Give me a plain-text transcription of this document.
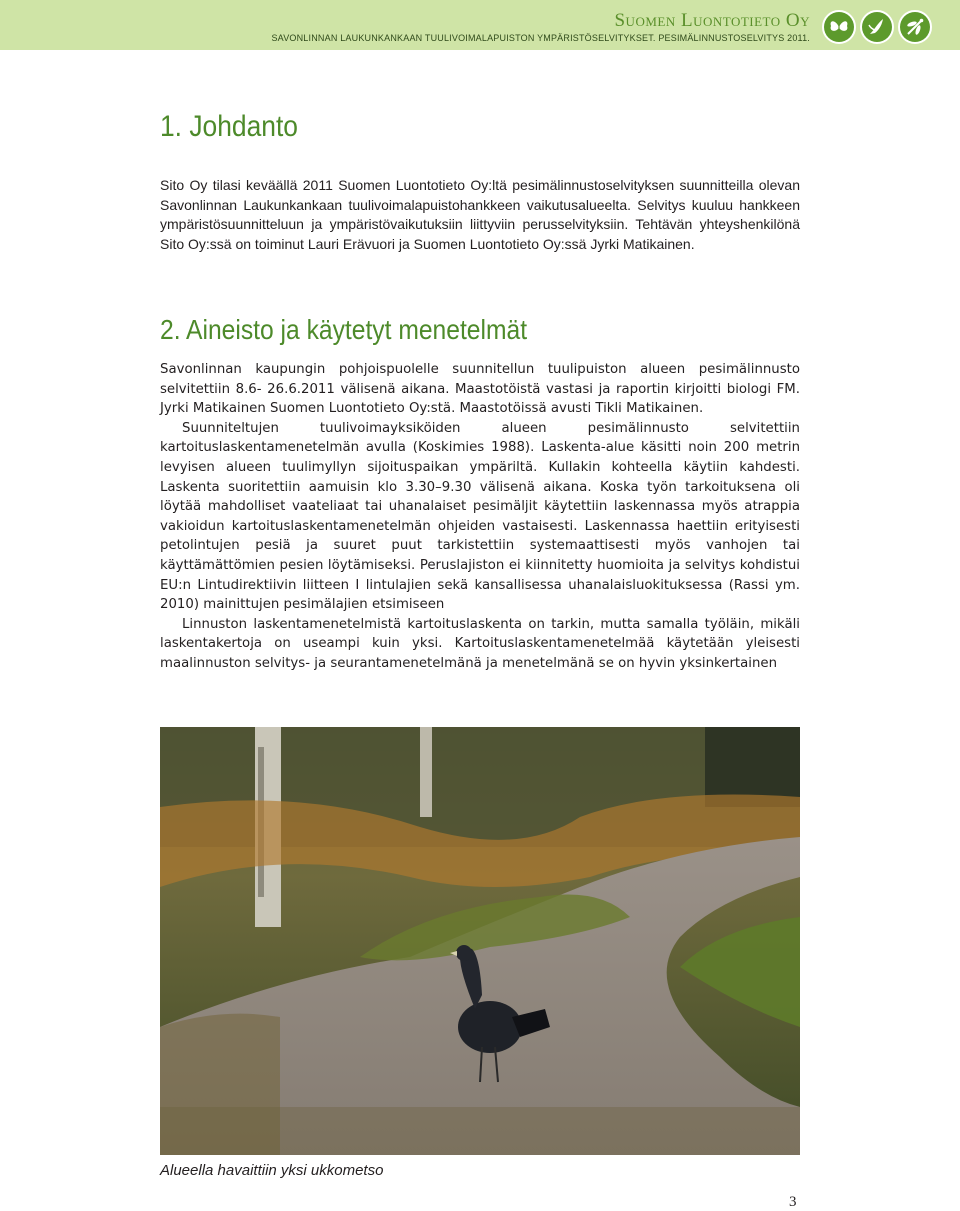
Suomen Luontotieto Oy
SAVONLINNAN LAUKUNKANKAAN TUULIVOIMALAPUISTON YMPÄRISTÖSELVITYKSET. PESIMÄLINNUSTOSELVITYS 2011.
1. Johdanto

Sito Oy tilasi keväällä 2011 Suomen Luontotieto Oy:ltä pesimälinnustoselvityksen suunnitteilla olevan Savonlinnan Laukunkankaan tuulivoimalapuistohankkeen vaikutusalueelta. Selvitys kuuluu hankkeen ympäristösuunnitteluun ja ympäristövaikutuksiin liittyviin perusselvityksiin. Tehtävän yhteyshenkilönä Sito Oy:ssä on toiminut Lauri Erävuori ja Suomen Luontotieto Oy:ssä Jyrki Matikainen.

2. Aineisto ja käytetyt menetelmät
Savonlinnan kaupungin pohjoispuolelle suunnitellun tuulipuiston alueen pesimälinnusto selvitettiin 8.6- 26.6.2011 välisenä aikana. Maastotöistä vastasi ja raportin kirjoitti biologi FM. Jyrki Matikainen Suomen Luontotieto Oy:stä. Maastotöissä avusti Tikli Matikainen.
Suunniteltujen tuulivoimayksiköiden alueen pesimälinnusto selvitettiin kartoituslaskentamenetelmän avulla (Koskimies 1988). Laskenta-alue käsitti noin 200 metrin levyisen alueen tuulimyllyn sijoituspaikan ympäriltä. Kullakin kohteella käytiin kahdesti. Laskenta suoritettiin aamuisin klo 3.30–9.30 välisenä aikana. Koska työn tarkoituksena oli löytää mahdolliset vaateliaat tai uhanalaiset pesimäljit käytettiin laskennassa myös atrappia vakioidun kartoituslaskentamenetelmän ohjeiden vastaisesti. Laskennassa haettiin erityisesti petolintujen pesiä ja suuret puut tarkistettiin systemaattisesti myös vanhojen tai käyttämättömien pesien löytämiseksi. Peruslajiston ei kiinnitetty huomioita ja selvitys kohdistui EU:n Lintudirektiivin liitteen I lintulajien sekä kansallisessa uhanalaisluokituksessa (Rassi ym. 2010) mainittujen pesimälajien etsimiseen
Linnuston laskentamenetelmistä kartoituslaskenta on tarkin, mutta samalla työläin, mikäli laskentakertoja on useampi kuin yksi. Kartoituslaskentamenetelmää käytetään yleisesti maalinnuston selvitys- ja seurantamenetelmänä ja menetelmänä se on hyvin yksinkertainen
Alueella havaittiin yksi ukkometso
3
